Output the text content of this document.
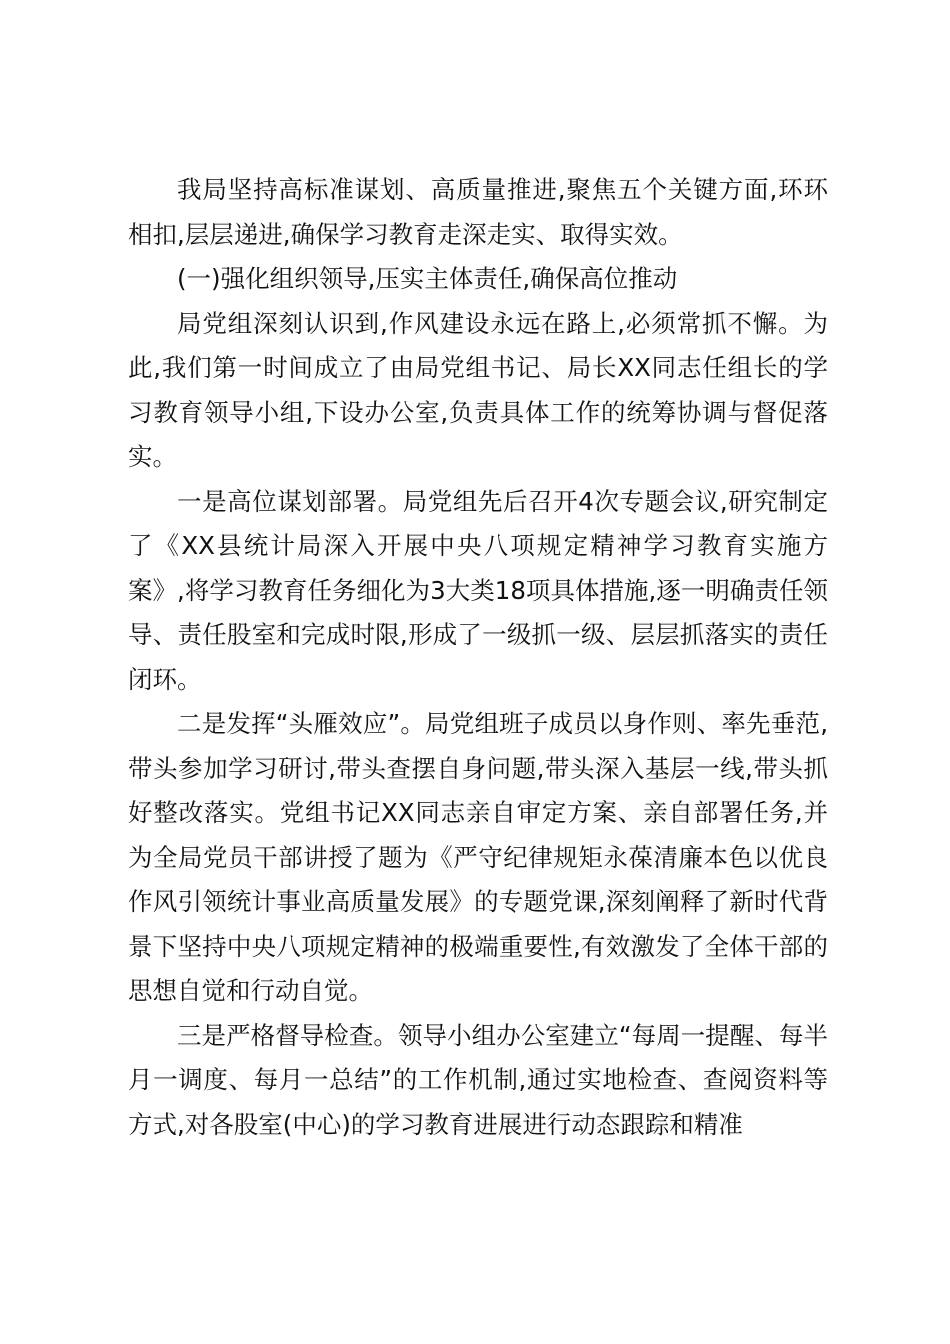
我局坚持高标准谋划、高质量推进,聚焦五个关键方面,环环相扣,层层递进,确保学习教育走深走实、取得实效。

(一)强化组织领导,压实主体责任,确保高位推动

局党组深刻认识到,作风建设永远在路上,必须常抓不懈。为此,我们第一时间成立了由局党组书记、局长XX同志任组长的学习教育领导小组,下设办公室,负责具体工作的统筹协调与督促落实。

一是高位谋划部署。局党组先后召开4次专题会议,研究制定了《XX县统计局深入开展中央八项规定精神学习教育实施方案》,将学习教育任务细化为3大类18项具体措施,逐一明确责任领导、责任股室和完成时限,形成了一级抓一级、层层抓落实的责任闭环。

二是发挥“头雁效应”。局党组班子成员以身作则、率先垂范,带头参加学习研讨,带头查摆自身问题,带头深入基层一线,带头抓好整改落实。党组书记XX同志亲自审定方案、亲自部署任务,并为全局党员干部讲授了题为《严守纪律规矩永葆清廉本色以优良作风引领统计事业高质量发展》的专题党课,深刻阐释了新时代背景下坚持中央八项规定精神的极端重要性,有效激发了全体干部的思想自觉和行动自觉。

三是严格督导检查。领导小组办公室建立“每周一提醒、每半月一调度、每月一总结”的工作机制,通过实地检查、查阅资料等方式,对各股室(中心)的学习教育进展进行动态跟踪和精准
